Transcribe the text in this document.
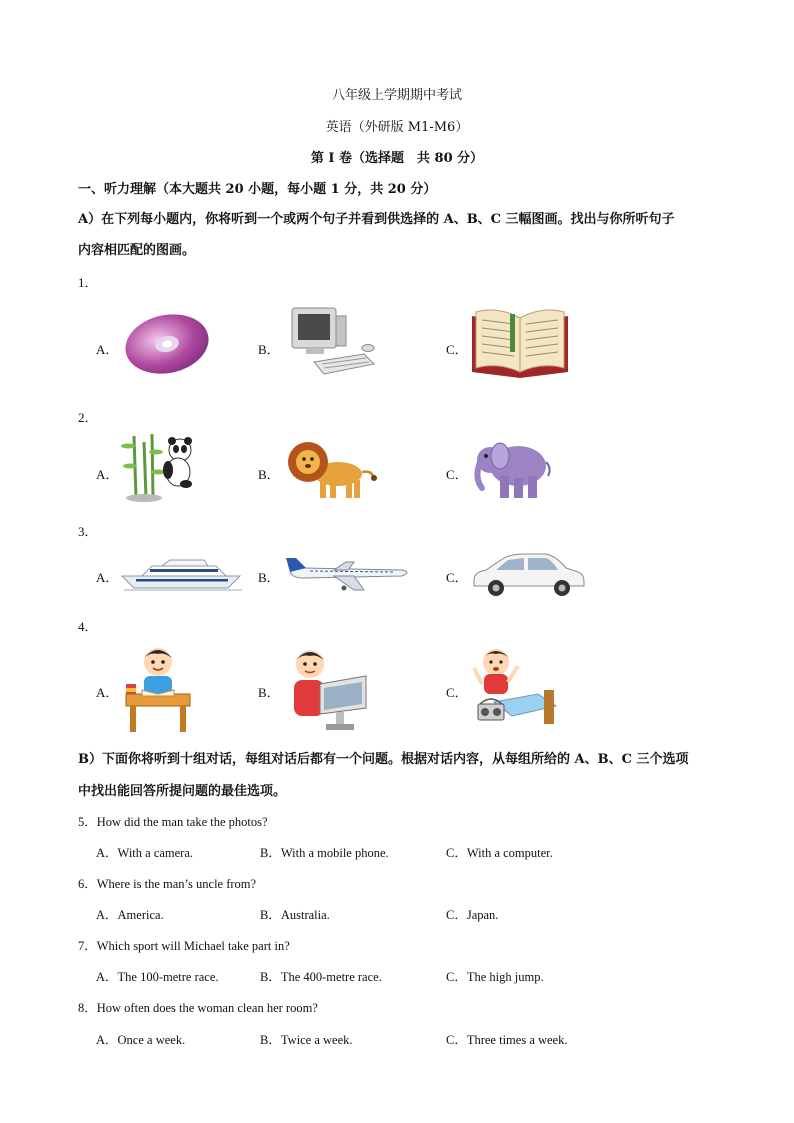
八年级上学期期中考试
英语（外研版 M1-M6）
第 I 卷（选择题　共 80 分）
一、听力理解（本大题共 20 小题，每小题 1 分，共 20 分）
A）在下列每小题内，你将听到一个或两个句子并看到供选择的 A、B、C 三幅图画。找出与你所听句子
内容相匹配的图画。
1．
A．	B．	C．
2．
A．	B．	C．
3．
A．	B．	C．
4．
A．	B．	C．
B）下面你将听到十组对话，每组对话后都有一个问题。根据对话内容，从每组所给的 A、B、C 三个选项
中找出能回答所提问题的最佳选项。
5．How did the man take the photos?
A．With a camera.	B．With a mobile phone.	C．With a computer.
6．Where is the man’s uncle from?
A．America.	B．Australia.	C．Japan.
7．Which sport will Michael take part in?
A．The 100-metre race.	B．The 400-metre race.	C．The high jump.
8．How often does the woman clean her room?
A．Once a week.	B．Twice a week.	C．Three times a week.
